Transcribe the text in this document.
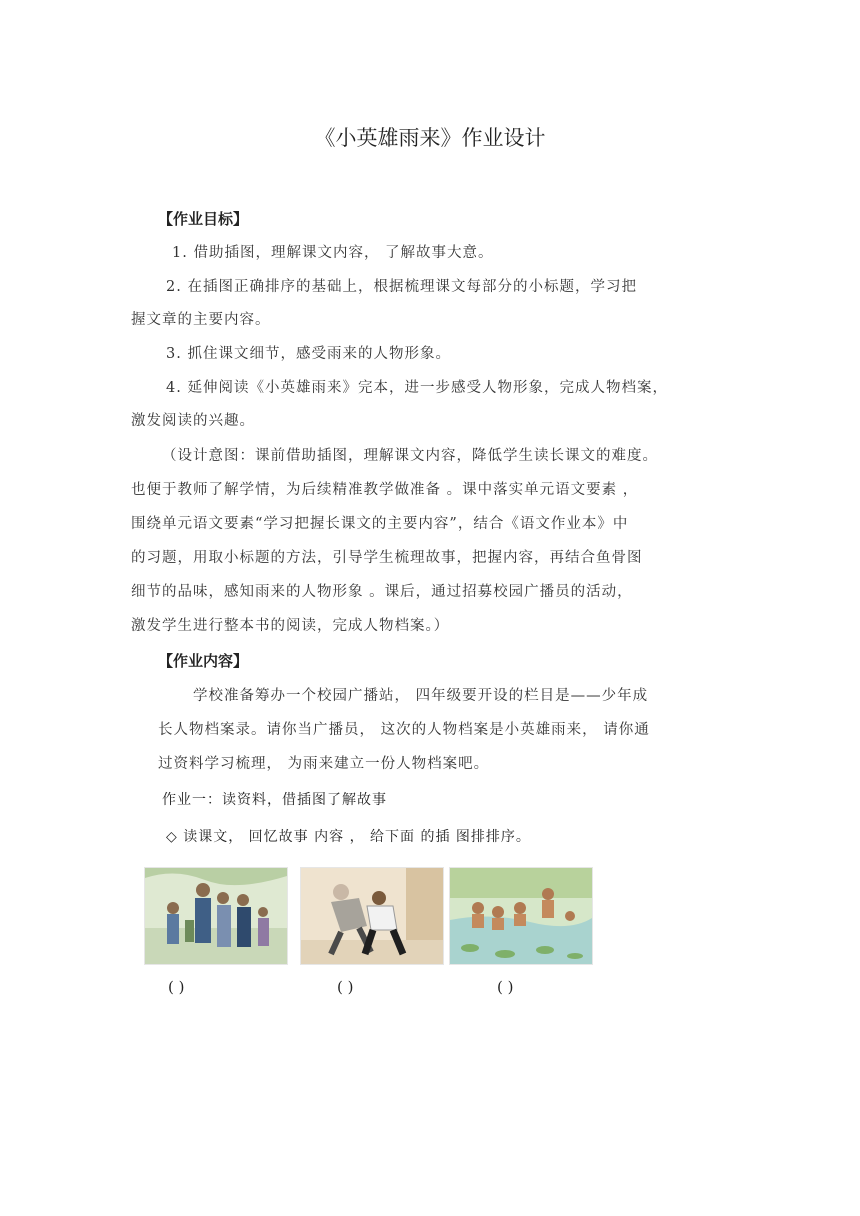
《小英雄雨来》作业设计
【作业目标】
1. 借助插图，理解课文内容， 了解故事大意。
2. 在插图正确排序的基础上，根据梳理课文每部分的小标题，学习把
握文章的主要内容。
3. 抓住课文细节，感受雨来的人物形象。
4. 延伸阅读《小英雄雨来》完本，进一步感受人物形象，完成人物档案，
激发阅读的兴趣。
（设计意图：课前借助插图，理解课文内容，降低学生读长课文的难度。
也便于教师了解学情，为后续精准教学做准备 。课中落实单元语文要素 ，
围绕单元语文要素“学习把握长课文的主要内容”，结合《语文作业本》中
的习题，用取小标题的方法，引导学生梳理故事，把握内容，再结合鱼骨图
细节的品味，感知雨来的人物形象 。课后，通过招募校园广播员的活动，
激发学生进行整本书的阅读，完成人物档案。）
【作业内容】
学校准备筹办一个校园广播站， 四年级要开设的栏目是——少年成
长人物档案录。请你当广播员， 这次的人物档案是小英雄雨来， 请你通
过资料学习梳理， 为雨来建立一份人物档案吧。
作业一：读资料，借插图了解故事
◇ 读课文， 回忆故事 内容 ， 给下面 的插 图排排序。
( )	( )	( )
